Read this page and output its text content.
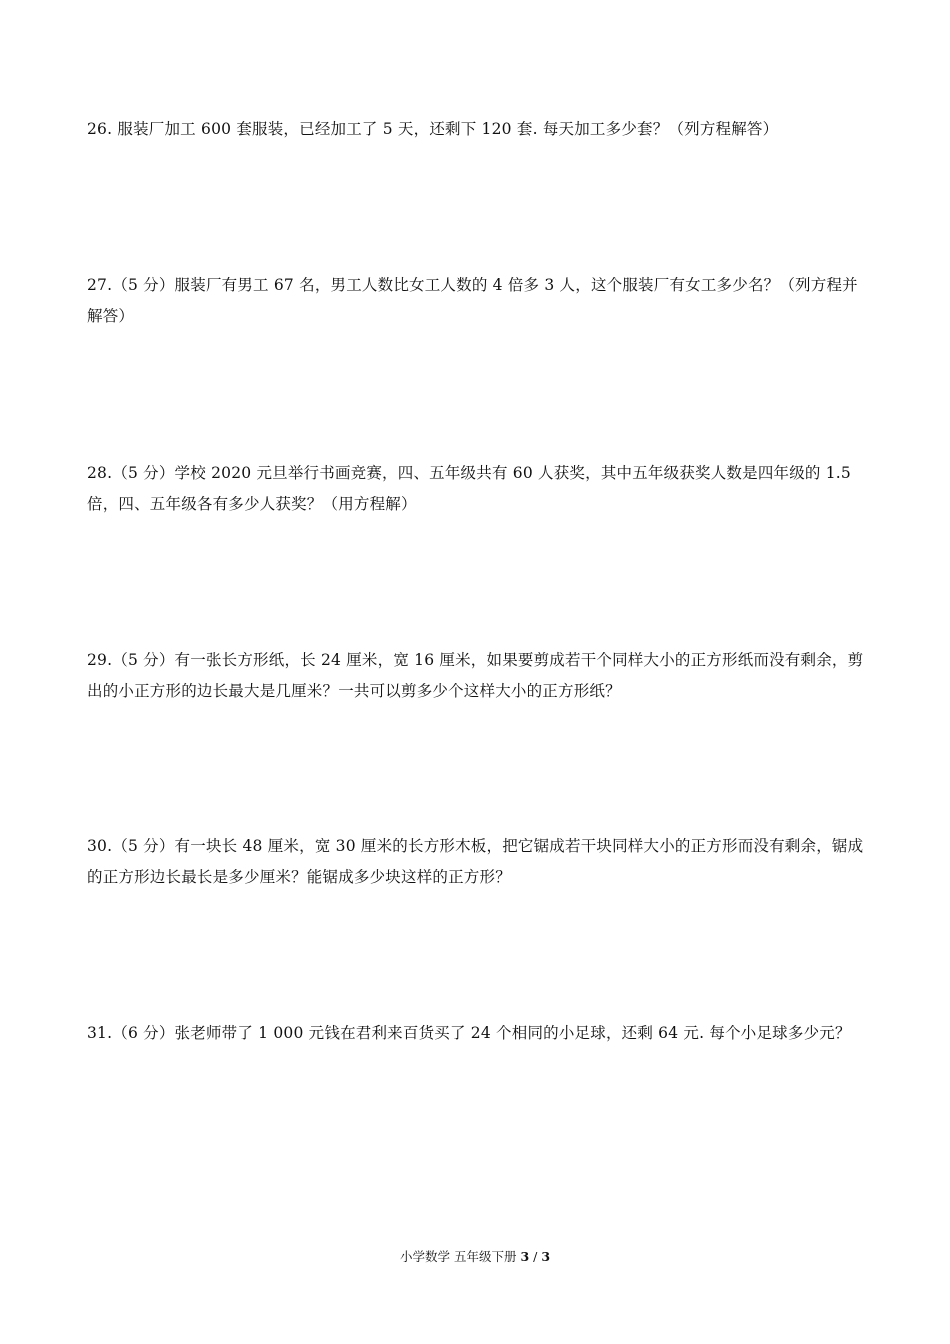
26. 服装厂加工 600 套服装，已经加工了 5 天，还剩下 120 套. 每天加工多少套？（列方程解答）

27.（5 分）服装厂有男工 67 名，男工人数比女工人数的 4 倍多 3 人，这个服装厂有女工多少名？（列方程并解答）

28.（5 分）学校 2020 元旦举行书画竞赛，四、五年级共有 60 人获奖，其中五年级获奖人数是四年级的 1.5 倍，四、五年级各有多少人获奖？（用方程解）

29.（5 分）有一张长方形纸，长 24 厘米，宽 16 厘米，如果要剪成若干个同样大小的正方形纸而没有剩余，剪出的小正方形的边长最大是几厘米？一共可以剪多少个这样大小的正方形纸？

30.（5 分）有一块长 48 厘米，宽 30 厘米的长方形木板，把它锯成若干块同样大小的正方形而没有剩余，锯成的正方形边长最长是多少厘米？能锯成多少块这样的正方形？

31.（6 分）张老师带了 1 000 元钱在君利来百货买了 24 个相同的小足球，还剩 64 元. 每个小足球多少元？

小学数学 五年级下册 3 / 3
